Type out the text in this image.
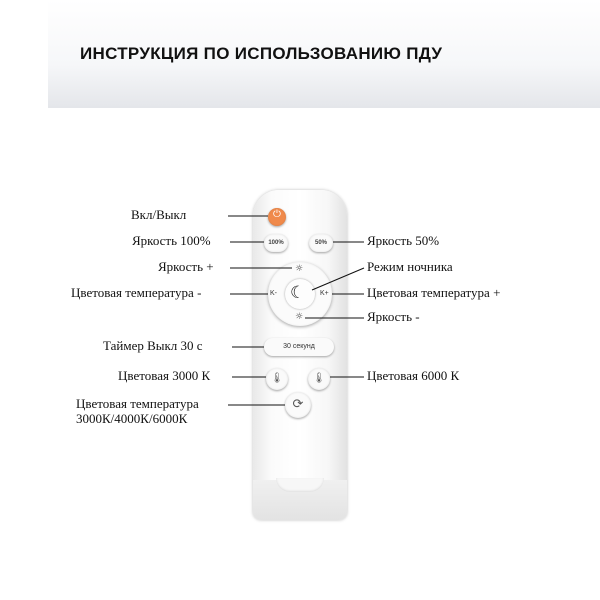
ИНСТРУКЦИЯ ПО ИСПОЛЬЗОВАНИЮ ПДУ
⏻
100%	50%
☼
☼
K-	K+
☾
30 секунд
🌡	🌡
⟳
Вкл/Выкл
Яркость 100%	Яркость 50%
Яркость +	Режим ночника
Цветовая температура -	Цветовая температура +
Яркость -
Таймер Выкл 30 с
Цветовая 3000 К	Цветовая 6000 К
Цветовая температура
3000К/4000К/6000К
